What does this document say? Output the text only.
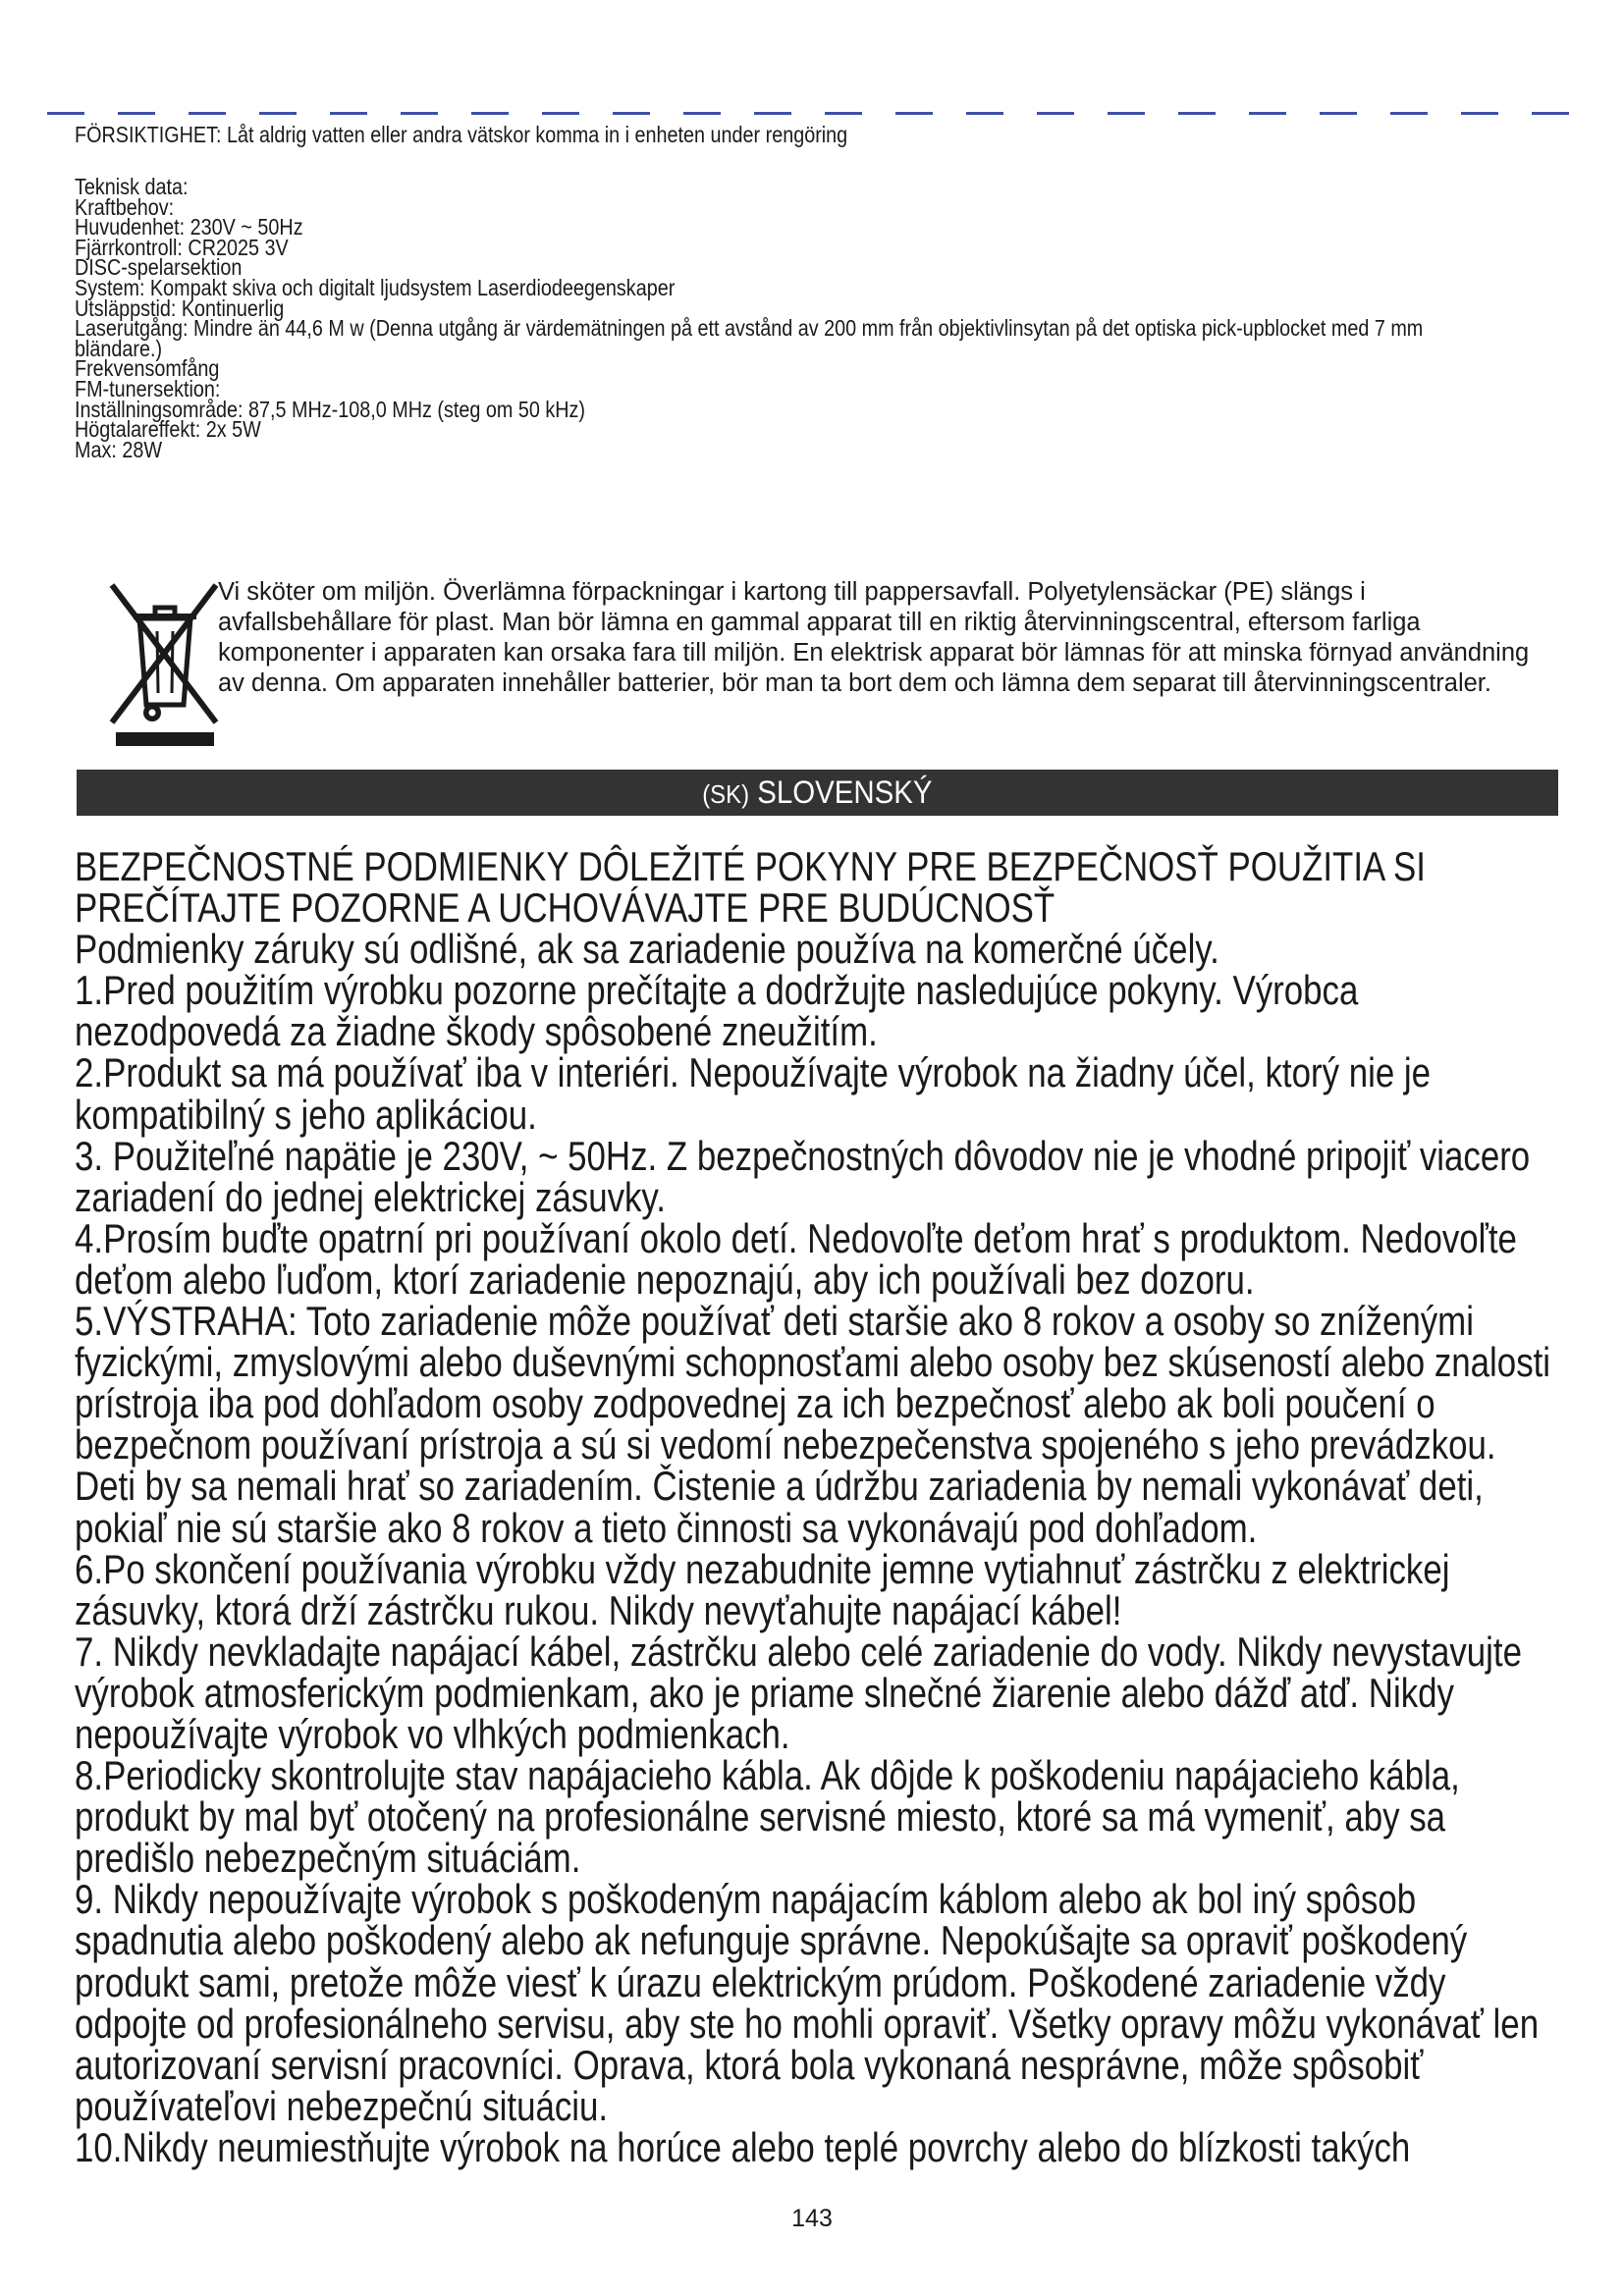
FÖRSIKTIGHET: Låt aldrig vatten eller andra vätskor komma in i enheten under rengöring
Teknisk data:
Kraftbehov:
Huvudenhet: 230V ~ 50Hz
Fjärrkontroll: CR2025 3V
DISC-spelarsektion
System: Kompakt skiva och digitalt ljudsystem Laserdiodeegenskaper
Utsläppstid: Kontinuerlig
Laserutgång: Mindre än 44,6 M w (Denna utgång är värdemätningen på ett avstånd av 200 mm från objektivlinsytan på det optiska pick-upblocket med 7 mm bländare.)
Frekvensomfång
FM-tunersektion:
Inställningsområde: 87,5 MHz-108,0 MHz (steg om 50 kHz)
Högtalareffekt: 2x 5W
Max: 28W
Vi sköter om miljön. Överlämna förpackningar i kartong till pappersavfall. Polyetylensäckar (PE) slängs i avfallsbehållare för plast. Man bör lämna en gammal apparat till en riktig återvinningscentral, eftersom farliga komponenter i apparaten kan orsaka fara till miljön. En elektrisk apparat bör lämnas för att minska förnyad användning av denna. Om apparaten innehåller batterier, bör man ta bort dem och lämna dem separat till återvinningscentraler.
(SK) SLOVENSKÝ

BEZPEČNOSTNÉ PODMIENKY DÔLEŽITÉ POKYNY PRE BEZPEČNOSŤ POUŽITIA SI PREČÍTAJTE POZORNE A UCHOVÁVAJTE PRE BUDÚCNOSŤ

Podmienky záruky sú odlišné, ak sa zariadenie používa na komerčné účely.

1.Pred použitím výrobku pozorne prečítajte a dodržujte nasledujúce pokyny. Výrobca nezodpovedá za žiadne škody spôsobené zneužitím.

2.Produkt sa má používať iba v interiéri. Nepoužívajte výrobok na žiadny účel, ktorý nie je kompatibilný s jeho aplikáciou.

3. Použiteľné napätie je 230V, ~ 50Hz. Z bezpečnostných dôvodov nie je vhodné pripojiť viacero zariadení do jednej elektrickej zásuvky.

4.Prosím buďte opatrní pri používaní okolo detí. Nedovoľte deťom hrať s produktom. Nedovoľte deťom alebo ľuďom, ktorí zariadenie nepoznajú, aby ich používali bez dozoru.

5.VÝSTRAHA: Toto zariadenie môže používať deti staršie ako 8 rokov a osoby so zníženými fyzickými, zmyslovými alebo duševnými schopnosťami alebo osoby bez skúseností alebo znalosti prístroja iba pod dohľadom osoby zodpovednej za ich bezpečnosť alebo ak boli poučení o bezpečnom používaní prístroja a sú si vedomí nebezpečenstva spojeného s jeho prevádzkou. Deti by sa nemali hrať so zariadením. Čistenie a údržbu zariadenia by nemali vykonávať deti, pokiaľ nie sú staršie ako 8 rokov a tieto činnosti sa vykonávajú pod dohľadom.

6.Po skončení používania výrobku vždy nezabudnite jemne vytiahnuť zástrčku z elektrickej zásuvky, ktorá drží zástrčku rukou. Nikdy nevyťahujte napájací kábel!

7. Nikdy nevkladajte napájací kábel, zástrčku alebo celé zariadenie do vody. Nikdy nevystavujte výrobok atmosferickým podmienkam, ako je priame slnečné žiarenie alebo dážď atď. Nikdy nepoužívajte výrobok vo vlhkých podmienkach.

8.Periodicky skontrolujte stav napájacieho kábla. Ak dôjde k poškodeniu napájacieho kábla, produkt by mal byť otočený na profesionálne servisné miesto, ktoré sa má vymeniť, aby sa predišlo nebezpečným situáciám.

9. Nikdy nepoužívajte výrobok s poškodeným napájacím káblom alebo ak bol iný spôsob spadnutia alebo poškodený alebo ak nefunguje správne. Nepokúšajte sa opraviť poškodený produkt sami, pretože môže viesť k úrazu elektrickým prúdom. Poškodené zariadenie vždy odpojte od profesionálneho servisu, aby ste ho mohli opraviť. Všetky opravy môžu vykonávať len autorizovaní servisní pracovníci. Oprava, ktorá bola vykonaná nesprávne, môže spôsobiť používateľovi nebezpečnú situáciu.

10.Nikdy neumiestňujte výrobok na horúce alebo teplé povrchy alebo do blízkosti takých

143
